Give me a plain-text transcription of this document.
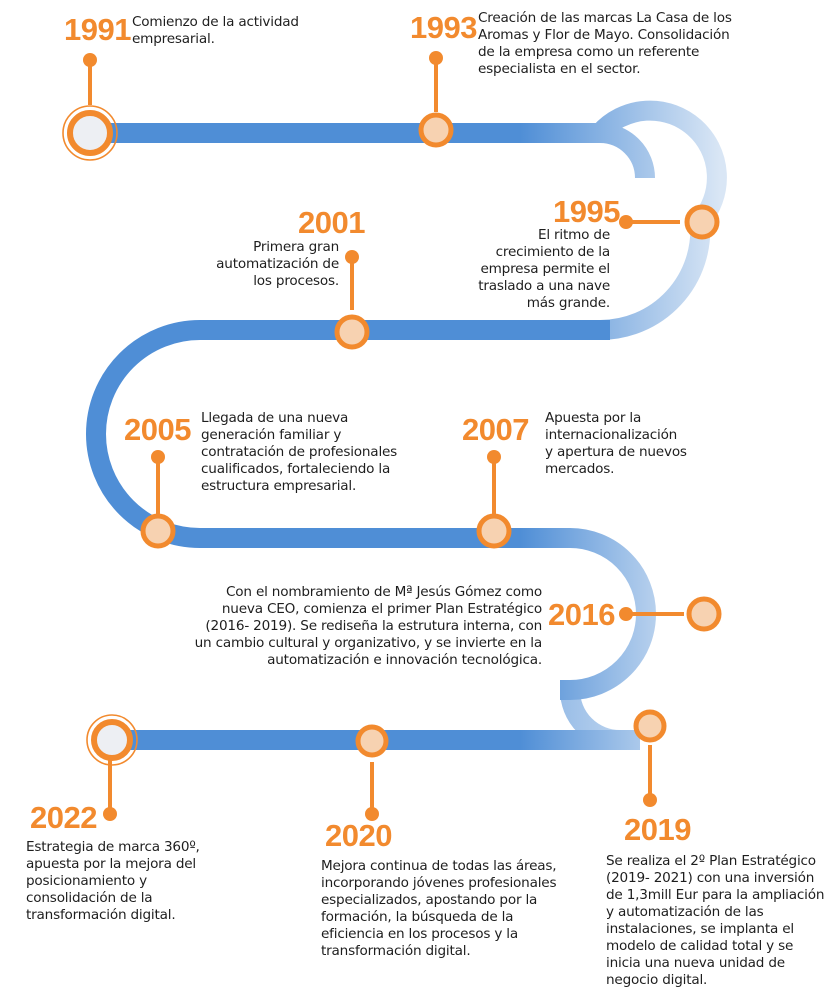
1991 Comienzo de la actividad
empresarial.	1993 Creación de las marcas La Casa de los
Aromas y Flor de Mayo. Consolidación
de la empresa como un referente
especialista en el sector.
1995
El ritmo de
crecimiento de la
empresa permite el
traslado a una nave
más grande.
2001
Primera gran
automatización de
los procesos.
2005 Llegada de una nueva
generación familiar y
contratación de profesionales
cualificados, fortaleciendo la
estructura empresarial.
2007 Apuesta por la
internacionalización
y apertura de nuevos
mercados.
2016
Con el nombramiento de Mª Jesús Gómez como
nueva CEO, comienza el primer Plan Estratégico
(2016- 2019). Se rediseña la estrutura interna, con
un cambio cultural y organizativo, y se invierte en la
automatización e innovación tecnológica.
2019
Se realiza el 2º Plan Estratégico
(2019- 2021) con una inversión
de 1,3mill Eur para la ampliación
y automatización de las
instalaciones, se implanta el
modelo de calidad total y se
inicia una nueva unidad de
negocio digital.
2020
Mejora continua de todas las áreas,
incorporando jóvenes profesionales
especializados, apostando por la
formación, la búsqueda de la
eficiencia en los procesos y la
transformación digital.
2022
Estrategia de marca 360º,
apuesta por la mejora del
posicionamiento y
consolidación de la
transformación digital.
